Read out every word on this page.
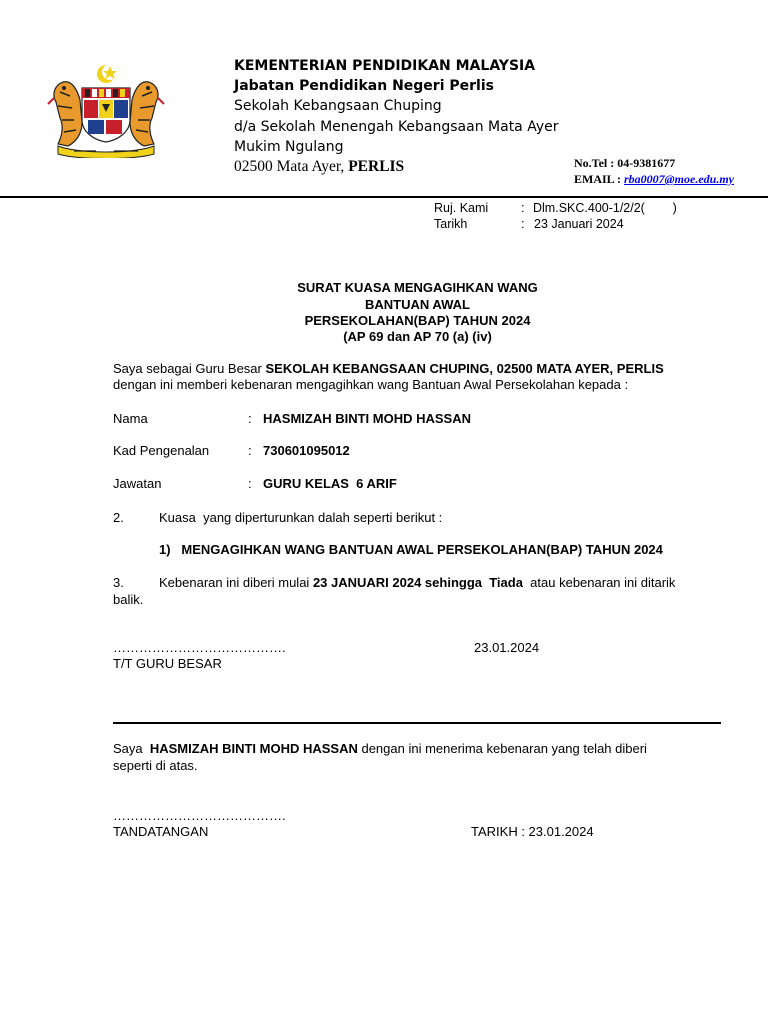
KEMENTERIAN PENDIDIKAN MALAYSIA
Jabatan Pendidikan Negeri Perlis
Sekolah Kebangsaan Chuping
d/a Sekolah Menengah Kebangsaan Mata Ayer
Mukim Ngulang
02500 Mata Ayer, PERLIS	No.Tel : 04-9381677
EMAIL : rba0007@moe.edu.my
Ruj. Kami	: Dlm.SKC.400-1/2/2(        )
Tarikh	: 23 Januari 2024
SURAT KUASA MENGAGIHKAN WANG
BANTUAN AWAL
PERSEKOLAHAN(BAP) TAHUN 2024
(AP 69 dan AP 70 (a) (iv)
Saya sebagai Guru Besar SEKOLAH KEBANGSAAN CHUPING, 02500 MATA AYER, PERLIS
dengan ini memberi kebenaran mengagihkan wang Bantuan Awal Persekolahan kepada :
Nama	: HASMIZAH BINTI MOHD HASSAN
Kad Pengenalan	: 730601095012
Jawatan	: GURU KELAS  6 ARIF
2.	Kuasa  yang diperturunkan dalah seperti berikut :
1)   MENGAGIHKAN WANG BANTUAN AWAL PERSEKOLAHAN(BAP) TAHUN 2024
3.	Kebenaran ini diberi mulai 23 JANUARI 2024 sehingga  Tiada  atau kebenaran ini ditarik
balik.
………………………………….	23.01.2024
T/T GURU BESAR
Saya  HASMIZAH BINTI MOHD HASSAN dengan ini menerima kebenaran yang telah diberi
seperti di atas.
………………………………….
TANDATANGAN	TARIKH : 23.01.2024
